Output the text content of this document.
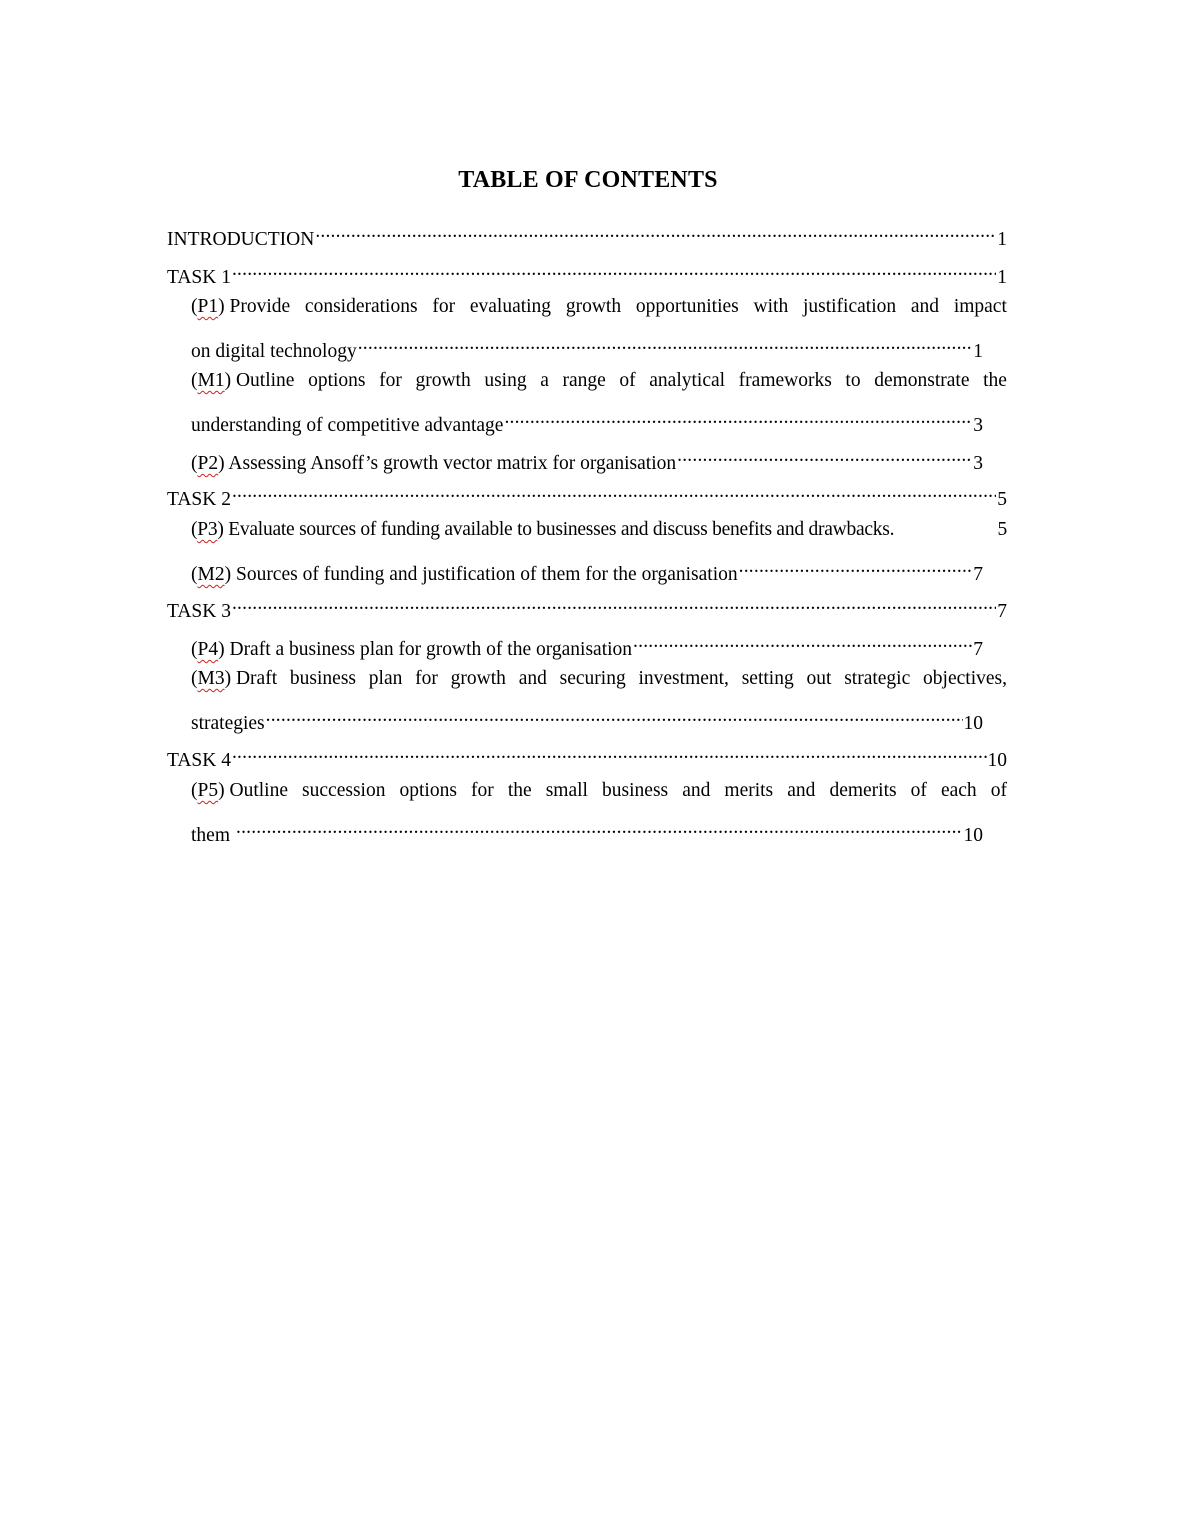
TABLE OF CONTENTS
INTRODUCTION .....	1
TASK 1 .....	1
(P1) Provide considerations for evaluating growth opportunities with justification and impact
on digital technology .....	1
(M1) Outline options for growth using a range of analytical frameworks to demonstrate the
understanding of competitive advantage .....	3
(P2) Assessing Ansoff’s growth vector matrix for organisation .....	3
TASK 2 .....	5
(P3) Evaluate sources of funding available to businesses and discuss benefits and drawbacks.	5
(M2) Sources of funding and justification of them for the organisation .....	7
TASK 3 .....	7
(P4) Draft a business plan for growth of the organisation .....	7
(M3) Draft business plan for growth and securing investment, setting out strategic objectives,
strategies .....	10
TASK 4 .....	10
(P5) Outline succession options for the small business and merits and demerits of each of
them .....	10
